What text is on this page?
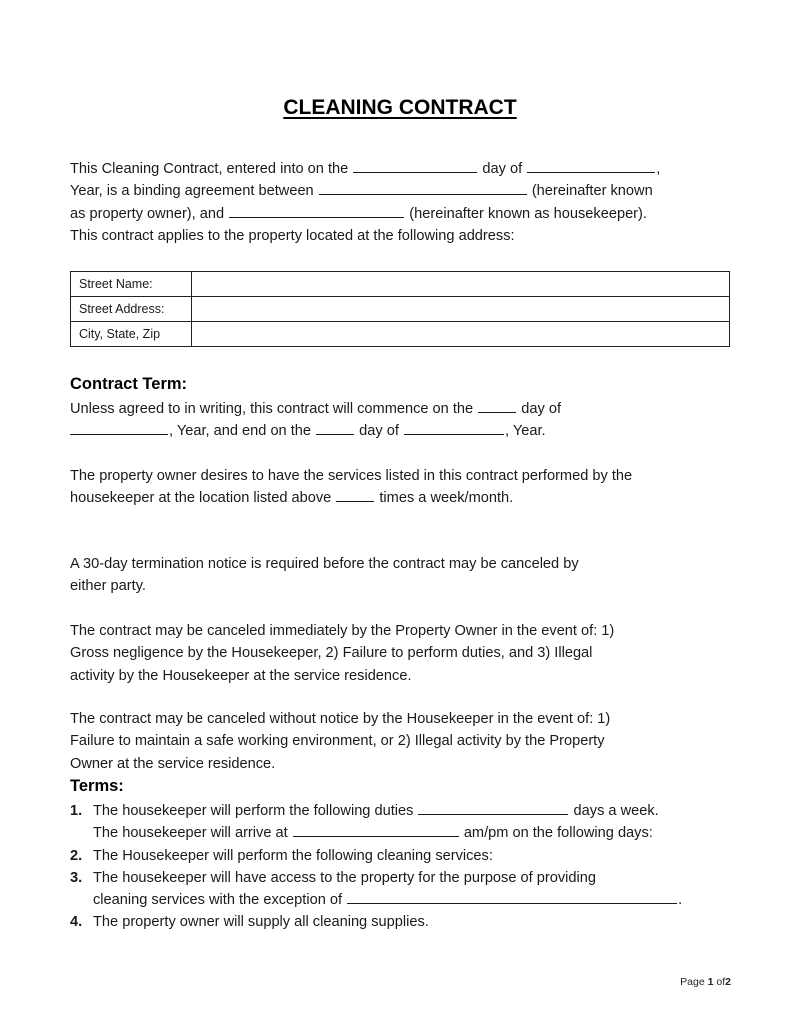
CLEANING CONTRACT
This Cleaning Contract, entered into on the	day of	,
Year, is a binding agreement between	(hereinafter known
as property owner), and	(hereinafter known as housekeeper).
This contract applies to the property located at the following address:
Street Name:	
Street Address:	
City, State, Zip	
Contract Term:
Unless agreed to in writing, this contract will commence on the	day of
, Year, and end on the	day of	, Year.
The property owner desires to have the services listed in this contract performed by the
housekeeper at the location listed above	times a week/month.
A 30-day termination notice is required before the contract may be canceled by
either party.
The contract may be canceled immediately by the Property Owner in the event of: 1)
Gross negligence by the Housekeeper, 2) Failure to perform duties, and 3) Illegal
activity by the Housekeeper at the service residence.
The contract may be canceled without notice by the Housekeeper in the event of: 1)
Failure to maintain a safe working environment, or 2) Illegal activity by the Property
Owner at the service residence.
Terms:
1. The housekeeper will perform the following duties	days a week.
The housekeeper will arrive at	am/pm on the following days:
2. The Housekeeper will perform the following cleaning services:
3. The housekeeper will have access to the property for the purpose of providing
cleaning services with the exception of	.
4. The property owner will supply all cleaning supplies.
Page 1 of2
